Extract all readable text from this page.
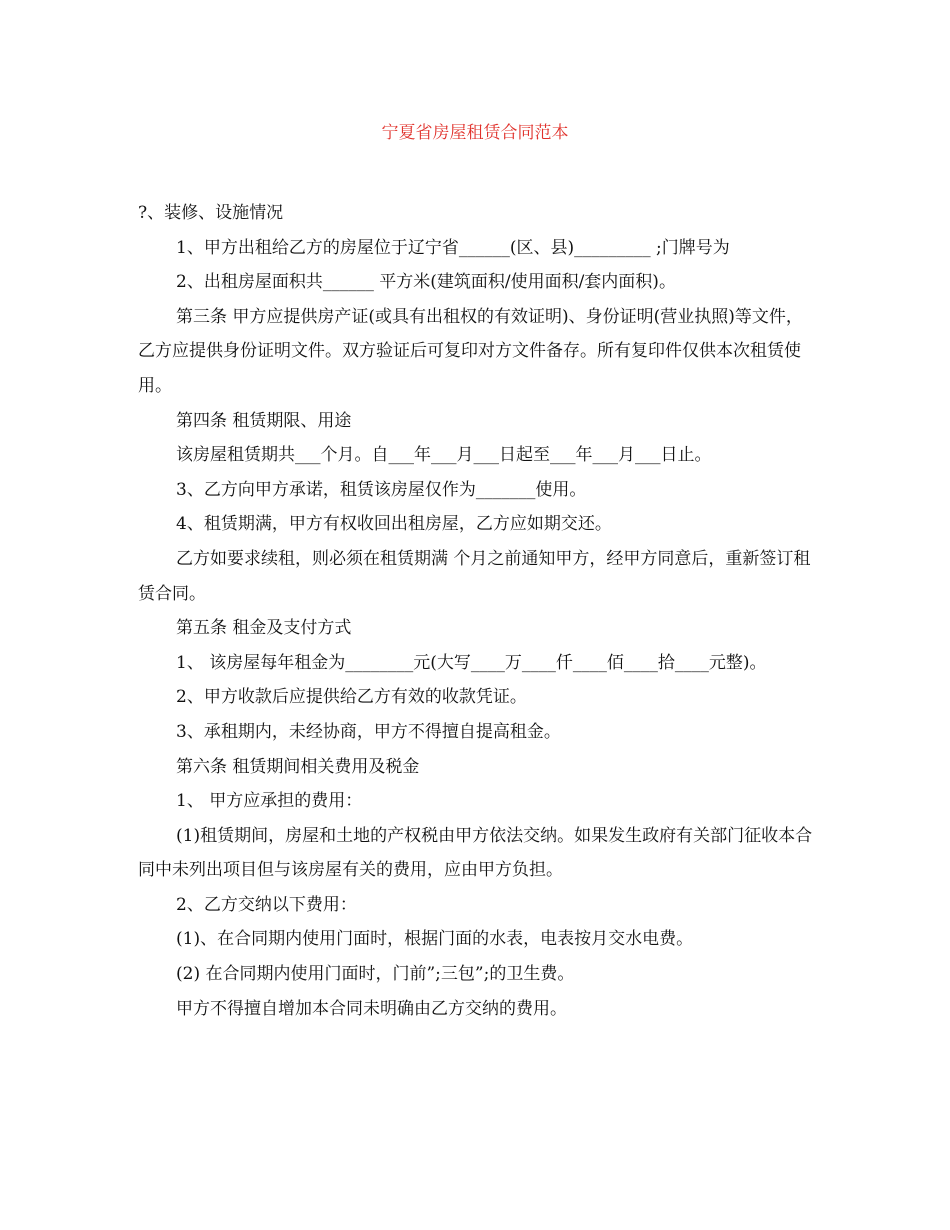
宁夏省房屋租赁合同范本

?、装修、设施情况

1、甲方出租给乙方的房屋位于辽宁省______(区、县)_________ ;门牌号为

2、出租房屋面积共______ 平方米(建筑面积/使用面积/套内面积)。

第三条 甲方应提供房产证(或具有出租权的有效证明)、身份证明(营业执照)等文件，乙方应提供身份证明文件。双方验证后可复印对方文件备存。所有复印件仅供本次租赁使用。

第四条 租赁期限、用途

该房屋租赁期共___个月。自___年___月___日起至___年___月___日止。

3、乙方向甲方承诺，租赁该房屋仅作为_______使用。

4、租赁期满，甲方有权收回出租房屋，乙方应如期交还。

乙方如要求续租，则必须在租赁期满 个月之前通知甲方，经甲方同意后，重新签订租赁合同。

第五条 租金及支付方式

1、 该房屋每年租金为________元(大写____万____仟____佰____拾____元整)。

2、甲方收款后应提供给乙方有效的收款凭证。

3、承租期内，未经协商，甲方不得擅自提高租金。

第六条 租赁期间相关费用及税金

1、 甲方应承担的费用：

(1)租赁期间，房屋和土地的产权税由甲方依法交纳。如果发生政府有关部门征收本合同中未列出项目但与该房屋有关的费用，应由甲方负担。

2、乙方交纳以下费用：

(1)、在合同期内使用门面时，根据门面的水表，电表按月交水电费。

(2) 在合同期内使用门面时，门前”;三包”;的卫生费。

甲方不得擅自增加本合同未明确由乙方交纳的费用。
